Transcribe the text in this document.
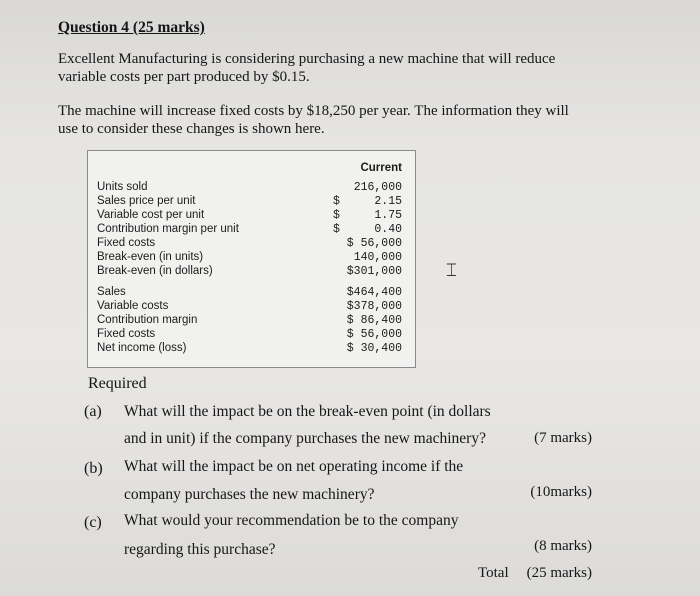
Question 4 (25 marks)
Excellent Manufacturing is considering purchasing a new machine that will reduce
variable costs per part produced by $0.15.
The machine will increase fixed costs by $18,250 per year. The information they will
use to consider these changes is shown here.
Current
Units sold	216,000
Sales price per unit	$     2.15
Variable cost per unit	$     1.75
Contribution margin per unit	$     0.40
Fixed costs	$ 56,000
Break-even (in units)	140,000
Break-even (in dollars)	$301,000
Sales	$464,400
Variable costs	$378,000
Contribution margin	$ 86,400
Fixed costs	$ 56,000
Net income (loss)	$ 30,400
⌶
Required
(a) What will the impact be on the break-even point (in dollars
and in unit) if the company purchases the new machinery?	(7 marks)
(b) What will the impact be on net operating income if the
company purchases the new machinery?	(10marks)
(c) What would your recommendation be to the company
regarding this purchase?	(8 marks)
Total (25 marks)
